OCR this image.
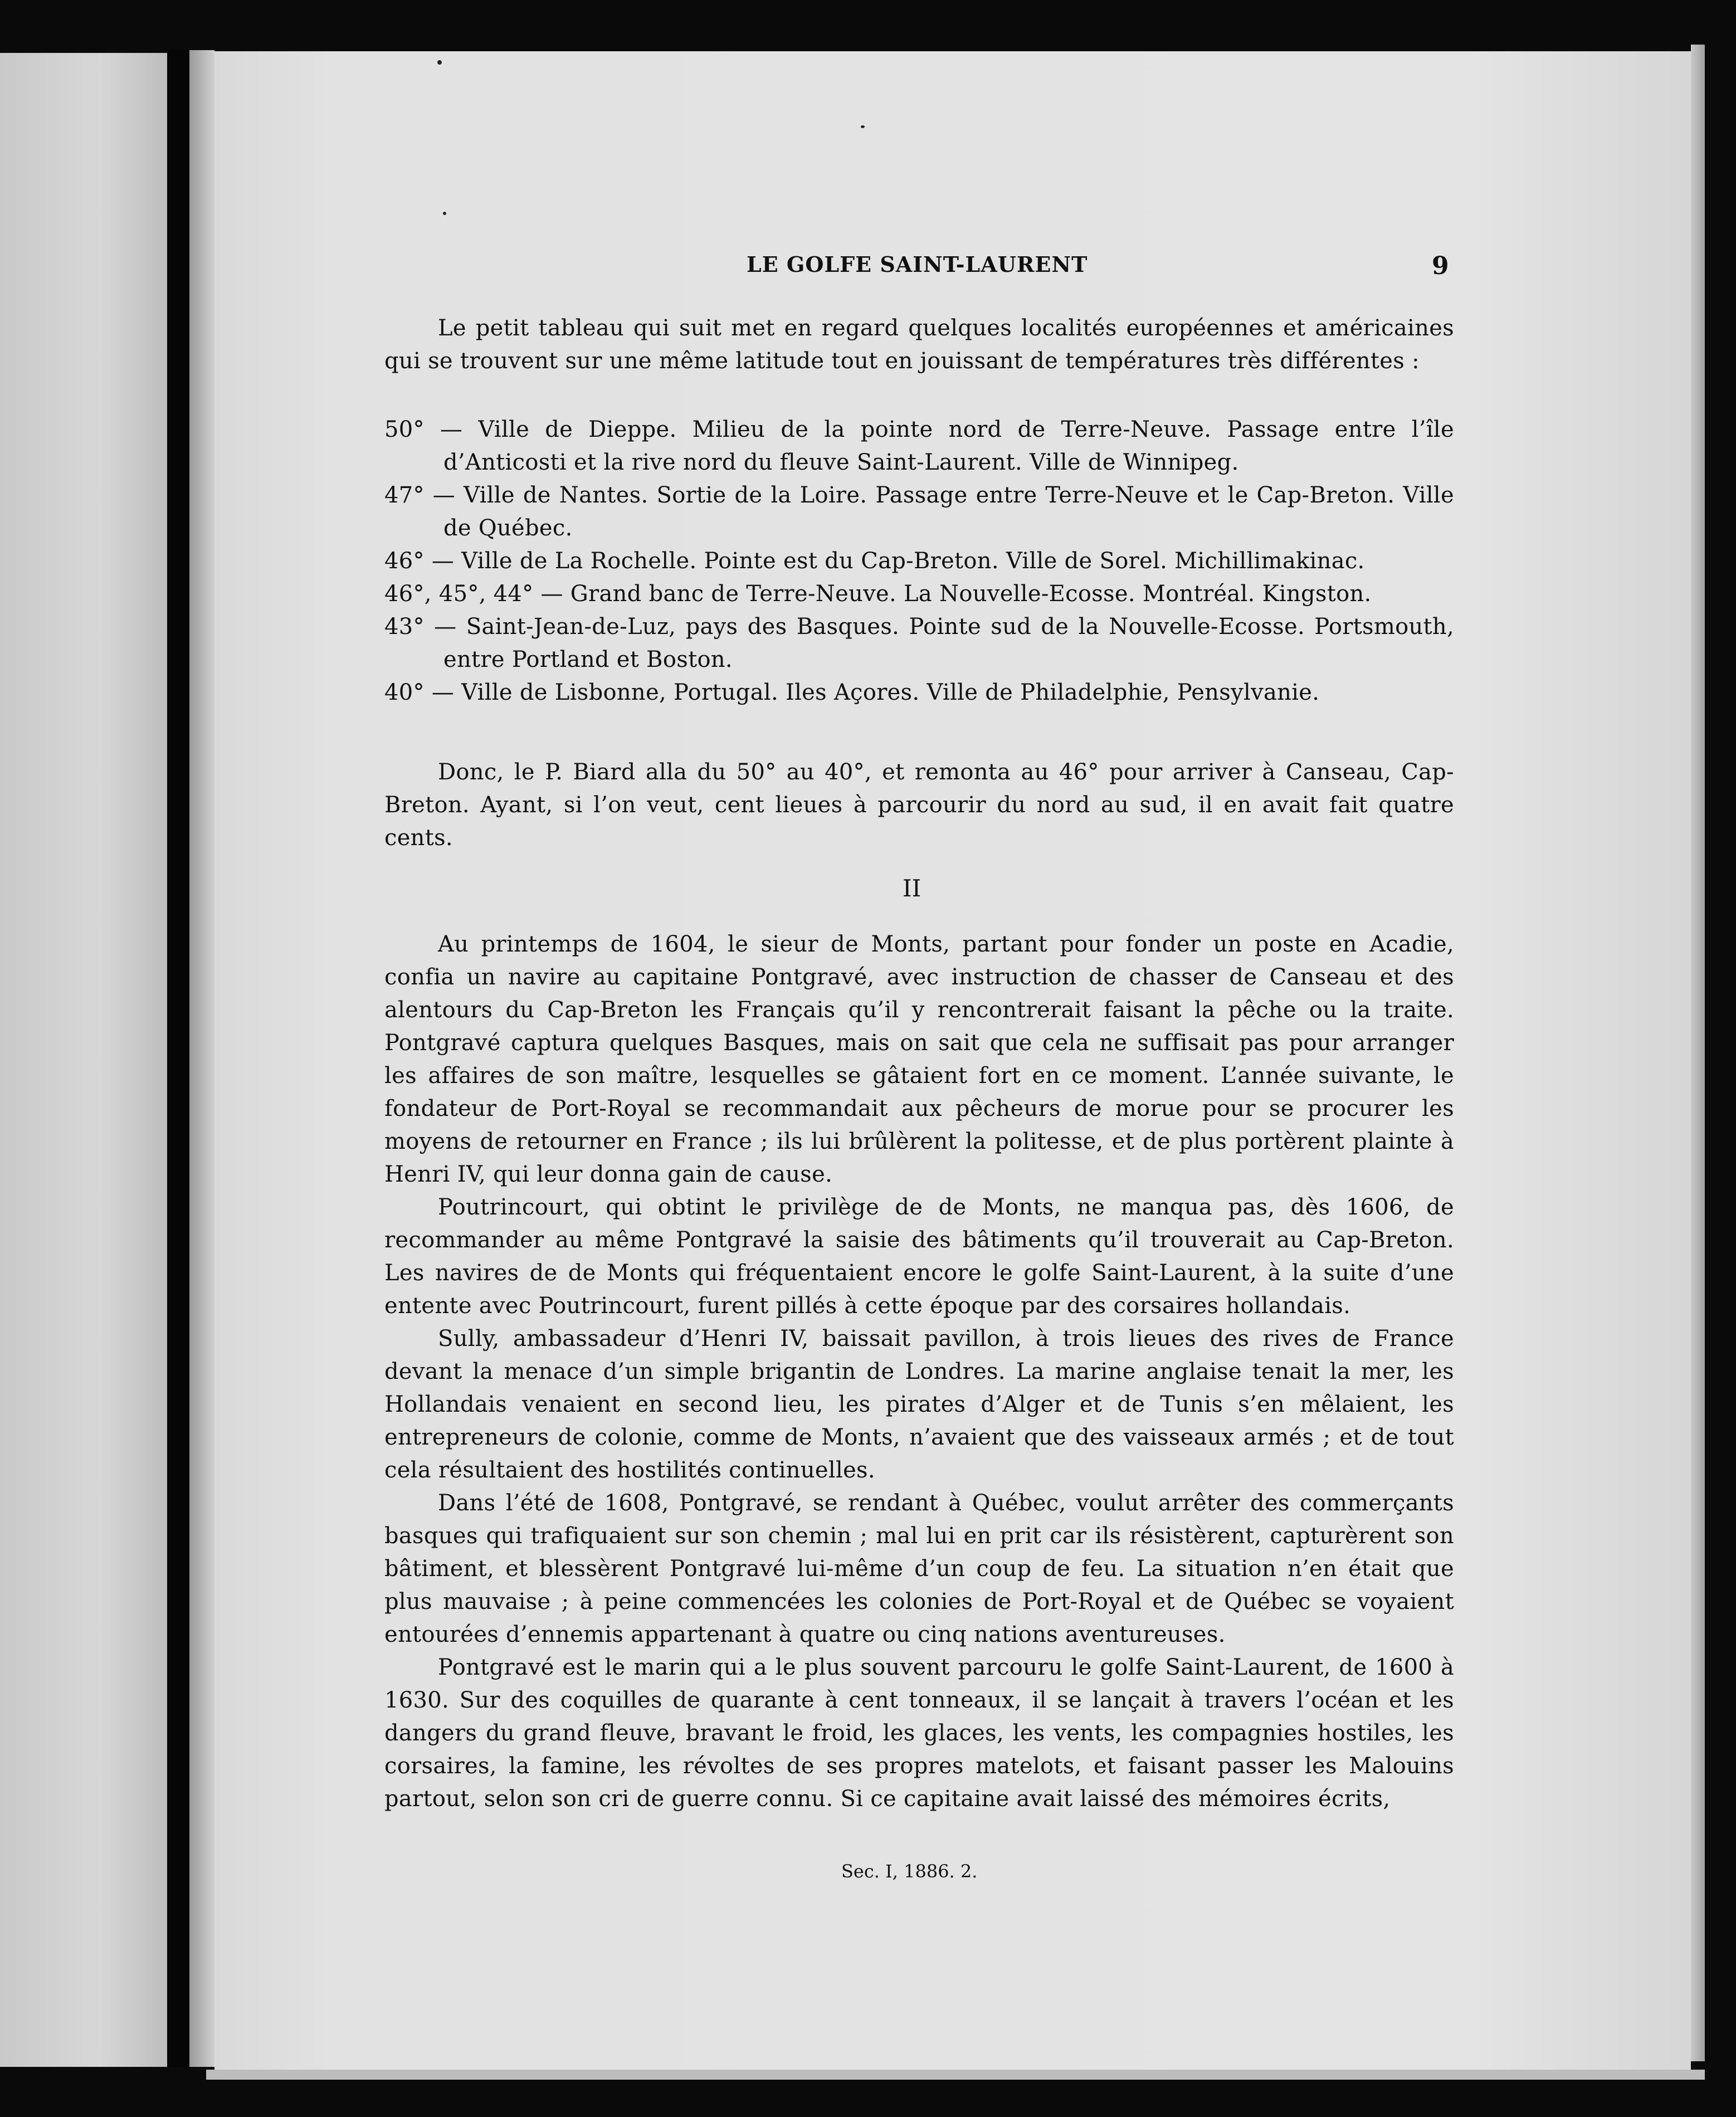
LE GOLFE SAINT-LAURENT	9
Le petit tableau qui suit met en regard quelques localités européennes et américaines qui se trouvent sur une même latitude tout en jouissant de températures très différentes :
50° — Ville de Dieppe. Milieu de la pointe nord de Terre-Neuve. Passage entre l’île d’Anticosti et la rive nord du fleuve Saint-Laurent. Ville de Winnipeg.
47° — Ville de Nantes. Sortie de la Loire. Passage entre Terre-Neuve et le Cap-Breton. Ville de Québec.
46° — Ville de La Rochelle. Pointe est du Cap-Breton. Ville de Sorel. Michillimakinac.
46°, 45°, 44° — Grand banc de Terre-Neuve. La Nouvelle-Ecosse. Montréal. Kingston.
43° — Saint-Jean-de-Luz, pays des Basques. Pointe sud de la Nouvelle-Ecosse. Portsmouth, entre Portland et Boston.
40° — Ville de Lisbonne, Portugal. Iles Açores. Ville de Philadelphie, Pensylvanie.
Donc, le P. Biard alla du 50° au 40°, et remonta au 46° pour arriver à Canseau, Cap-Breton. Ayant, si l’on veut, cent lieues à parcourir du nord au sud, il en avait fait quatre cents.
II
Au printemps de 1604, le sieur de Monts, partant pour fonder un poste en Acadie, confia un navire au capitaine Pontgravé, avec instruction de chasser de Canseau et des alentours du Cap-Breton les Français qu’il y rencontrerait faisant la pêche ou la traite. Pontgravé captura quelques Basques, mais on sait que cela ne suffisait pas pour arranger les affaires de son maître, lesquelles se gâtaient fort en ce moment. L’année suivante, le fondateur de Port-Royal se recommandait aux pêcheurs de morue pour se procurer les moyens de retourner en France ; ils lui brûlèrent la politesse, et de plus portèrent plainte à Henri IV, qui leur donna gain de cause.
Poutrincourt, qui obtint le privilège de de Monts, ne manqua pas, dès 1606, de recommander au même Pontgravé la saisie des bâtiments qu’il trouverait au Cap-Breton. Les navires de de Monts qui fréquentaient encore le golfe Saint-Laurent, à la suite d’une entente avec Poutrincourt, furent pillés à cette époque par des corsaires hollandais.
Sully, ambassadeur d’Henri IV, baissait pavillon, à trois lieues des rives de France devant la menace d’un simple brigantin de Londres. La marine anglaise tenait la mer, les Hollandais venaient en second lieu, les pirates d’Alger et de Tunis s’en mêlaient, les entrepreneurs de colonie, comme de Monts, n’avaient que des vaisseaux armés ; et de tout cela résultaient des hostilités continuelles.
Dans l’été de 1608, Pontgravé, se rendant à Québec, voulut arrêter des commerçants basques qui trafiquaient sur son chemin ; mal lui en prit car ils résistèrent, capturèrent son bâtiment, et blessèrent Pontgravé lui-même d’un coup de feu. La situation n’en était que plus mauvaise ; à peine commencées les colonies de Port-Royal et de Québec se voyaient entourées d’ennemis appartenant à quatre ou cinq nations aventureuses.
Pontgravé est le marin qui a le plus souvent parcouru le golfe Saint-Laurent, de 1600 à 1630. Sur des coquilles de quarante à cent tonneaux, il se lançait à travers l’océan et les dangers du grand fleuve, bravant le froid, les glaces, les vents, les compagnies hostiles, les corsaires, la famine, les révoltes de ses propres matelots, et faisant passer les Malouins partout, selon son cri de guerre connu. Si ce capitaine avait laissé des mémoires écrits,
Sec. I, 1886. 2.
